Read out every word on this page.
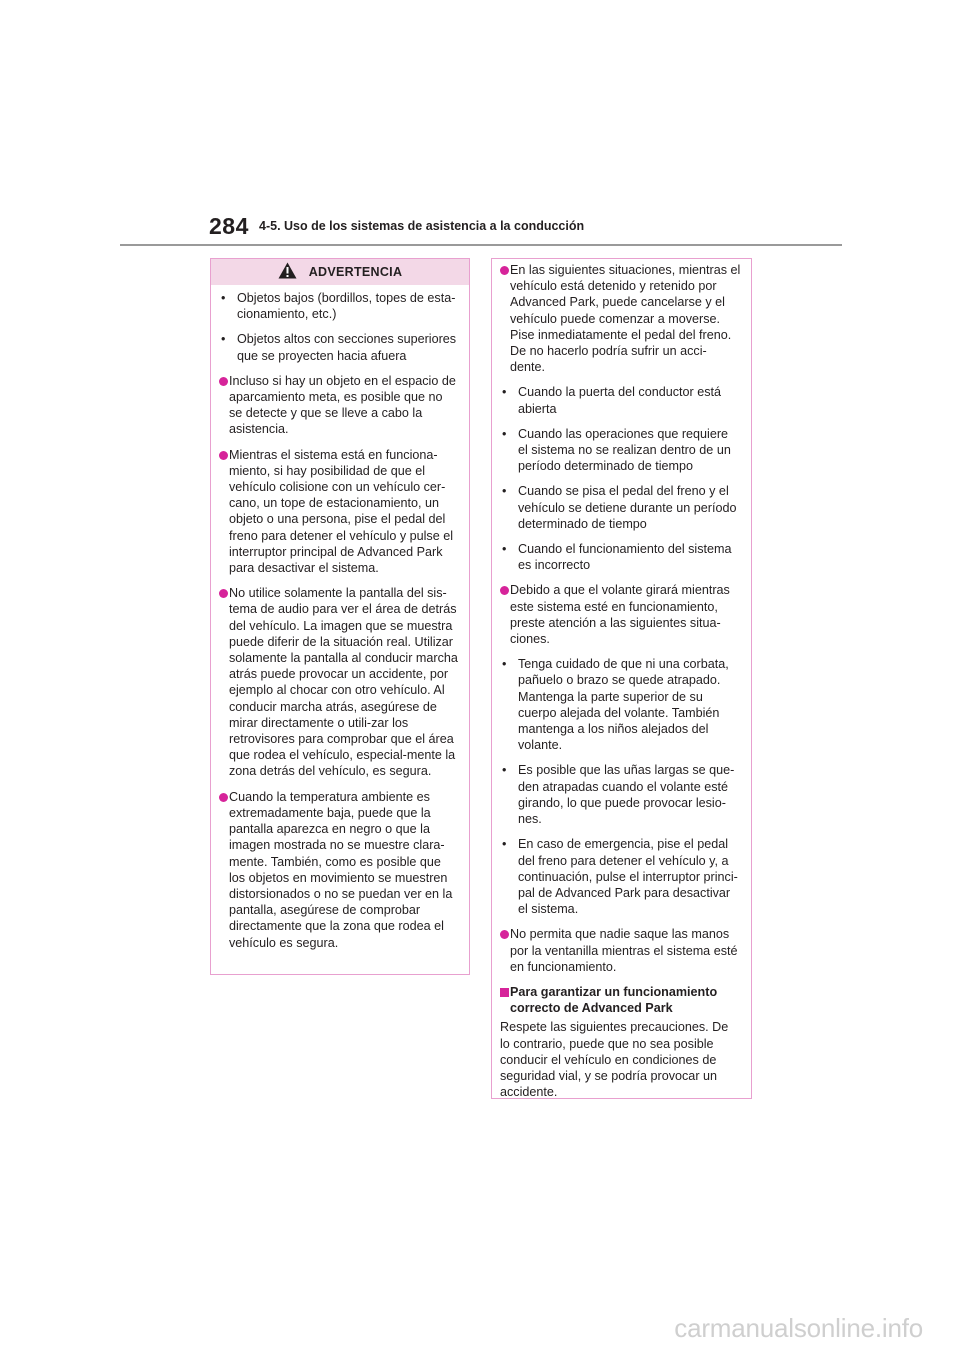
284 4-5. Uso de los sistemas de asistencia a la conducción
ADVERTENCIA
• Objetos bajos (bordillos, topes de esta-cionamiento, etc.)
• Objetos altos con secciones superiores que se proyecten hacia afuera
Incluso si hay un objeto en el espacio de aparcamiento meta, es posible que no se detecte y que se lleve a cabo la asistencia.
Mientras el sistema está en funciona-miento, si hay posibilidad de que el vehículo colisione con un vehículo cer-cano, un tope de estacionamiento, un objeto o una persona, pise el pedal del freno para detener el vehículo y pulse el interruptor principal de Advanced Park para desactivar el sistema.
No utilice solamente la pantalla del sis-tema de audio para ver el área de detrás del vehículo. La imagen que se muestra puede diferir de la situación real. Utilizar solamente la pantalla al conducir marcha atrás puede provocar un accidente, por ejemplo al chocar con otro vehículo. Al conducir marcha atrás, asegúrese de mirar directamente o utili-zar los retrovisores para comprobar que el área que rodea el vehículo, especial-mente la zona detrás del vehículo, es segura.
Cuando la temperatura ambiente es extremadamente baja, puede que la pantalla aparezca en negro o que la imagen mostrada no se muestre clara-mente. También, como es posible que los objetos en movimiento se muestren distorsionados o no se puedan ver en la pantalla, asegúrese de comprobar directamente que la zona que rodea el vehículo es segura.
En las siguientes situaciones, mientras el vehículo está detenido y retenido por Advanced Park, puede cancelarse y el vehículo puede comenzar a moverse. Pise inmediatamente el pedal del freno. De no hacerlo podría sufrir un acci-dente.
• Cuando la puerta del conductor está abierta
• Cuando las operaciones que requiere el sistema no se realizan dentro de un período determinado de tiempo
• Cuando se pisa el pedal del freno y el vehículo se detiene durante un período determinado de tiempo
• Cuando el funcionamiento del sistema es incorrecto
Debido a que el volante girará mientras este sistema esté en funcionamiento, preste atención a las siguientes situa-ciones.
• Tenga cuidado de que ni una corbata, pañuelo o brazo se quede atrapado. Mantenga la parte superior de su cuerpo alejada del volante. También mantenga a los niños alejados del volante.
• Es posible que las uñas largas se que-den atrapadas cuando el volante esté girando, lo que puede provocar lesio-nes.
• En caso de emergencia, pise el pedal del freno para detener el vehículo y, a continuación, pulse el interruptor princi-pal de Advanced Park para desactivar el sistema.
No permita que nadie saque las manos por la ventanilla mientras el sistema esté en funcionamiento.
Para garantizar un funcionamiento correcto de Advanced Park
Respete las siguientes precauciones. De lo contrario, puede que no sea posible conducir el vehículo en condiciones de seguridad vial, y se podría provocar un accidente.
carmanualsonline.info
